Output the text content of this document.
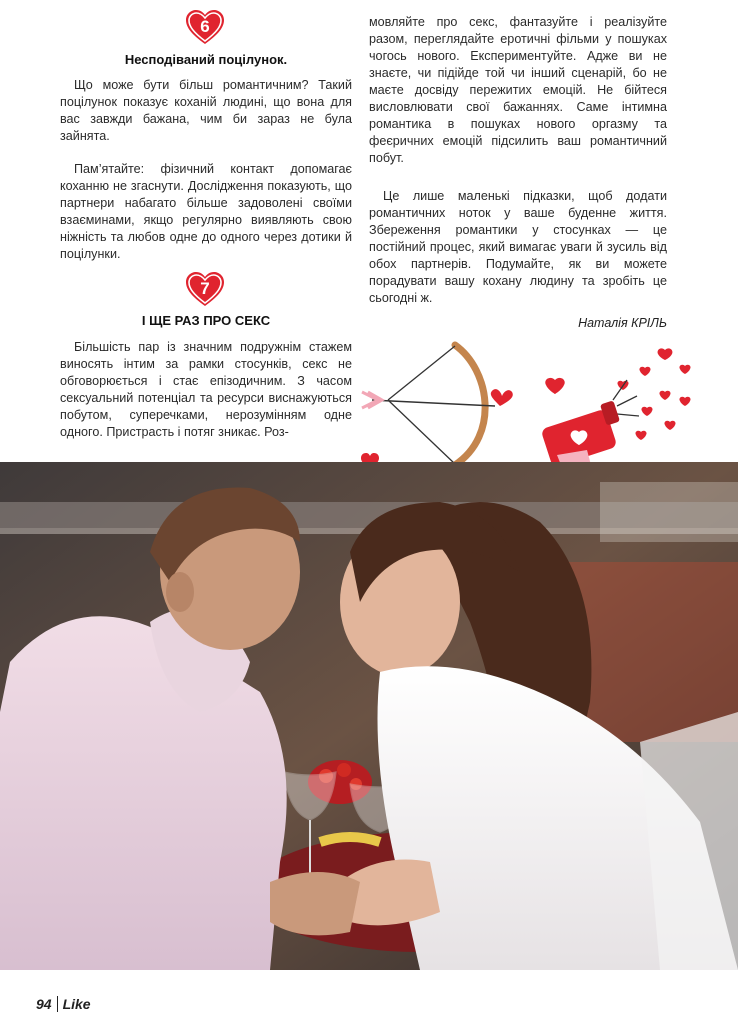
6
Несподіваний поцілунок.

Що може бути більш романтичним? Такий поцілунок показує коханій людині, що вона для вас завжди бажана, чим би зараз не була зайнята.

Пам’ятайте: фізичний контакт допомагає коханню не згаснути. Дослідження показують, що партнери набагато більше задоволені своїми взаєминами, якщо регулярно виявляють свою ніжність та любов одне до одного через дотики й поцілунки.

7
І ЩЕ РАЗ ПРО СЕКС

Більшість пар із значним подружнім стажем виносять інтим за рамки стосунків, секс не обговорюється і стає епізодичним. З часом сексуальний потенціал та ресурси виснажуються побутом, суперечками, нерозумінням одне одного. Пристрасть і потяг зникає. Роз-

мовляйте про секс, фантазуйте і реалізуйте разом, переглядайте еротичні фільми у пошуках чогось нового. Експериментуйте. Адже ви не знаєте, чи підійде той чи інший сценарій, бо не маєте досвіду пережитих емоцій. Не бійтеся висловлювати свої бажаннях. Саме інтимна романтика в пошуках нового оргазму та феєричних емоцій підсилить ваш романтичний побут.

Це лише маленькі підказки, щоб додати романтичних ноток у ваше буденне життя. Збереження романтики у стосунках — це постійний процес, який вимагає уваги й зусиль від обох партнерів. Подумайте, як ви можете порадувати вашу кохану людину та зробіть це сьогодні ж.

Наталія КРІЛЬ
94 Like
